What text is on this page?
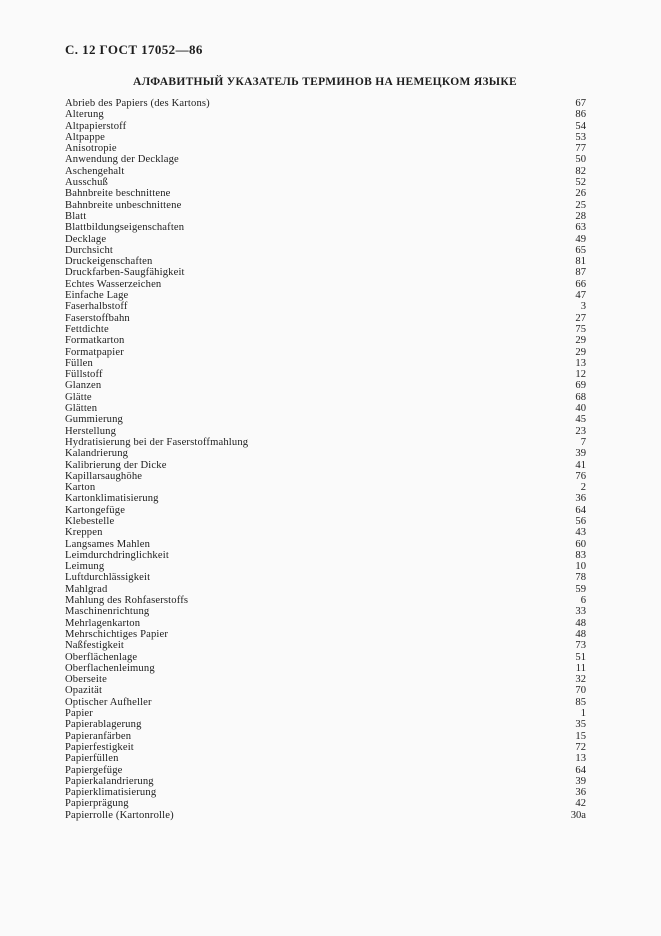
С. 12 ГОСТ 17052—86
АЛФАВИТНЫЙ УКАЗАТЕЛЬ ТЕРМИНОВ НА НЕМЕЦКОМ ЯЗЫКЕ
Abrieb des Papiers (des Kartons)	67
Alterung	86
Altpapierstoff	54
Altpappe	53
Anisotropie	77
Anwendung der Decklage	50
Aschengehalt	82
Ausschuß	52
Bahnbreite beschnittene	26
Bahnbreite unbeschnittene	25
Blatt	28
Blattbildungseigenschaften	63
Decklage	49
Durchsicht	65
Druckeigenschaften	81
Druckfarben-Saugfähigkeit	87
Echtes Wasserzeichen	66
Einfache Lage	47
Faserhalbstoff	3
Faserstoffbahn	27
Fettdichte	75
Formatkarton	29
Formatpapier	29
Füllen	13
Füllstoff	12
Glanzen	69
Glätte	68
Glätten	40
Gummierung	45
Herstellung	23
Hydratisierung bei der Faserstoffmahlung	7
Kalandrierung	39
Kalibrierung der Dicke	41
Kapillarsaughöhe	76
Karton	2
Kartonklimatisierung	36
Kartongefüge	64
Klebestelle	56
Kreppen	43
Langsames Mahlen	60
Leimdurchdringlichkeit	83
Leimung	10
Luftdurchlässigkeit	78
Mahlgrad	59
Mahlung des Rohfaserstoffs	6
Maschinenrichtung	33
Mehrlagenkarton	48
Mehrschichtiges Papier	48
Naßfestigkeit	73
Oberflächenlage	51
Oberflachenleimung	11
Oberseite	32
Opazität	70
Optischer Aufheller	85
Papier	1
Papierablagerung	35
Papieranfärben	15
Papierfestigkeit	72
Papierfüllen	13
Papiergefüge	64
Papierkalandrierung	39
Papierklimatisierung	36
Papierprägung	42
Papierrolle (Kartonrolle)	30a
